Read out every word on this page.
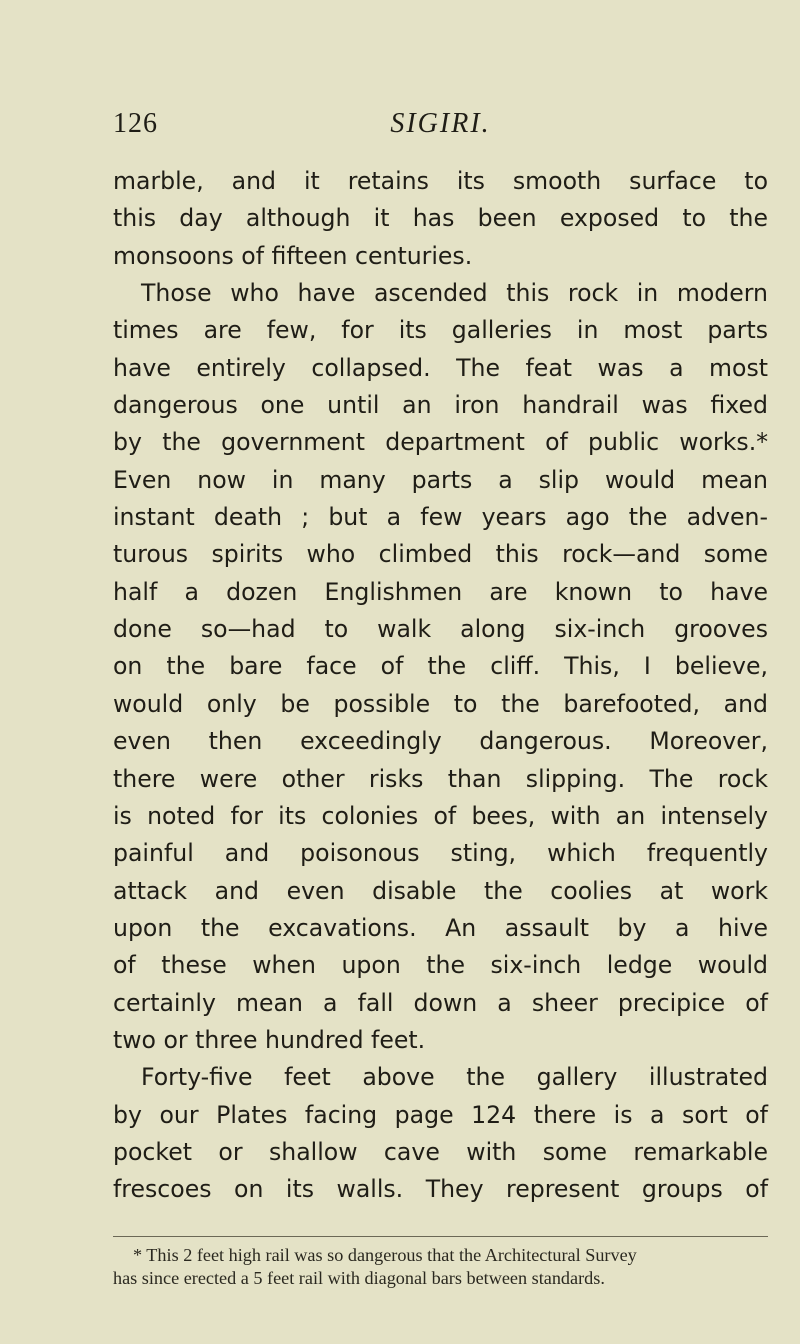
126	SIGIRI.
marble, and it retains its smooth surface to
this day although it has been exposed to the
monsoons of fifteen centuries.
Those who have ascended this rock in modern
times are few, for its galleries in most parts
have entirely collapsed. The feat was a most
dangerous one until an iron handrail was fixed
by the government department of public works.*
Even now in many parts a slip would mean
instant death ; but a few years ago the adven-
turous spirits who climbed this rock—and some
half a dozen Englishmen are known to have
done so—had to walk along six-inch grooves
on the bare face of the cliff. This, I believe,
would only be possible to the barefooted, and
even then exceedingly dangerous. Moreover,
there were other risks than slipping. The rock
is noted for its colonies of bees, with an intensely
painful and poisonous sting, which frequently
attack and even disable the coolies at work
upon the excavations. An assault by a hive
of these when upon the six-inch ledge would
certainly mean a fall down a sheer precipice of
two or three hundred feet.
Forty-five feet above the gallery illustrated
by our Plates facing page 124 there is a sort of
pocket or shallow cave with some remarkable
frescoes on its walls. They represent groups of
* This 2 feet high rail was so dangerous that the Architectural Survey
has since erected a 5 feet rail with diagonal bars between standards.
